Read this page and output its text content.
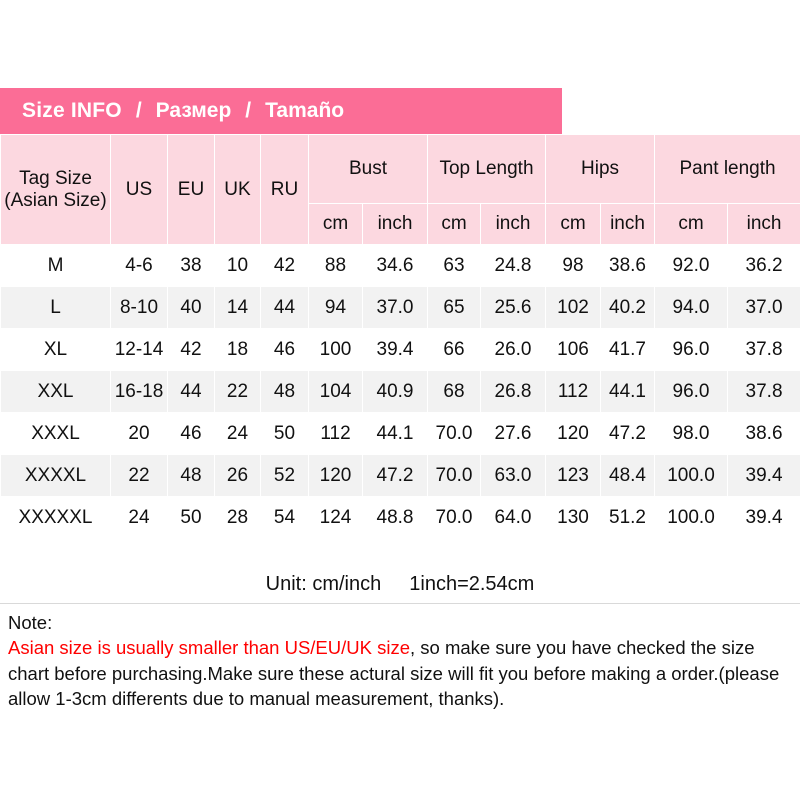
Size INFO / Размер / Tamaño
Tag Size (Asian Size)	US	EU	UK	RU	Bust		Top Length		Hips		Pant length	
					cm	inch	cm	inch	cm	inch	cm	inch
M	4-6	38	10	42	88	34.6	63	24.8	98	38.6	92.0	36.2
L	8-10	40	14	44	94	37.0	65	25.6	102	40.2	94.0	37.0
XL	12-14	42	18	46	100	39.4	66	26.0	106	41.7	96.0	37.8
XXL	16-18	44	22	48	104	40.9	68	26.8	112	44.1	96.0	37.8
XXXL	20	46	24	50	112	44.1	70.0	27.6	120	47.2	98.0	38.6
XXXXL	22	48	26	52	120	47.2	70.0	63.0	123	48.4	100.0	39.4
XXXXXL	24	50	28	54	124	48.8	70.0	64.0	130	51.2	100.0	39.4
Unit: cm/inch 1inch=2.54cm
Note:
Asian size is usually smaller than US/EU/UK size, so make sure you have checked the size chart before purchasing.Make sure these actural size will fit you before making a order.(please allow 1-3cm differents due to manual measurement, thanks).
